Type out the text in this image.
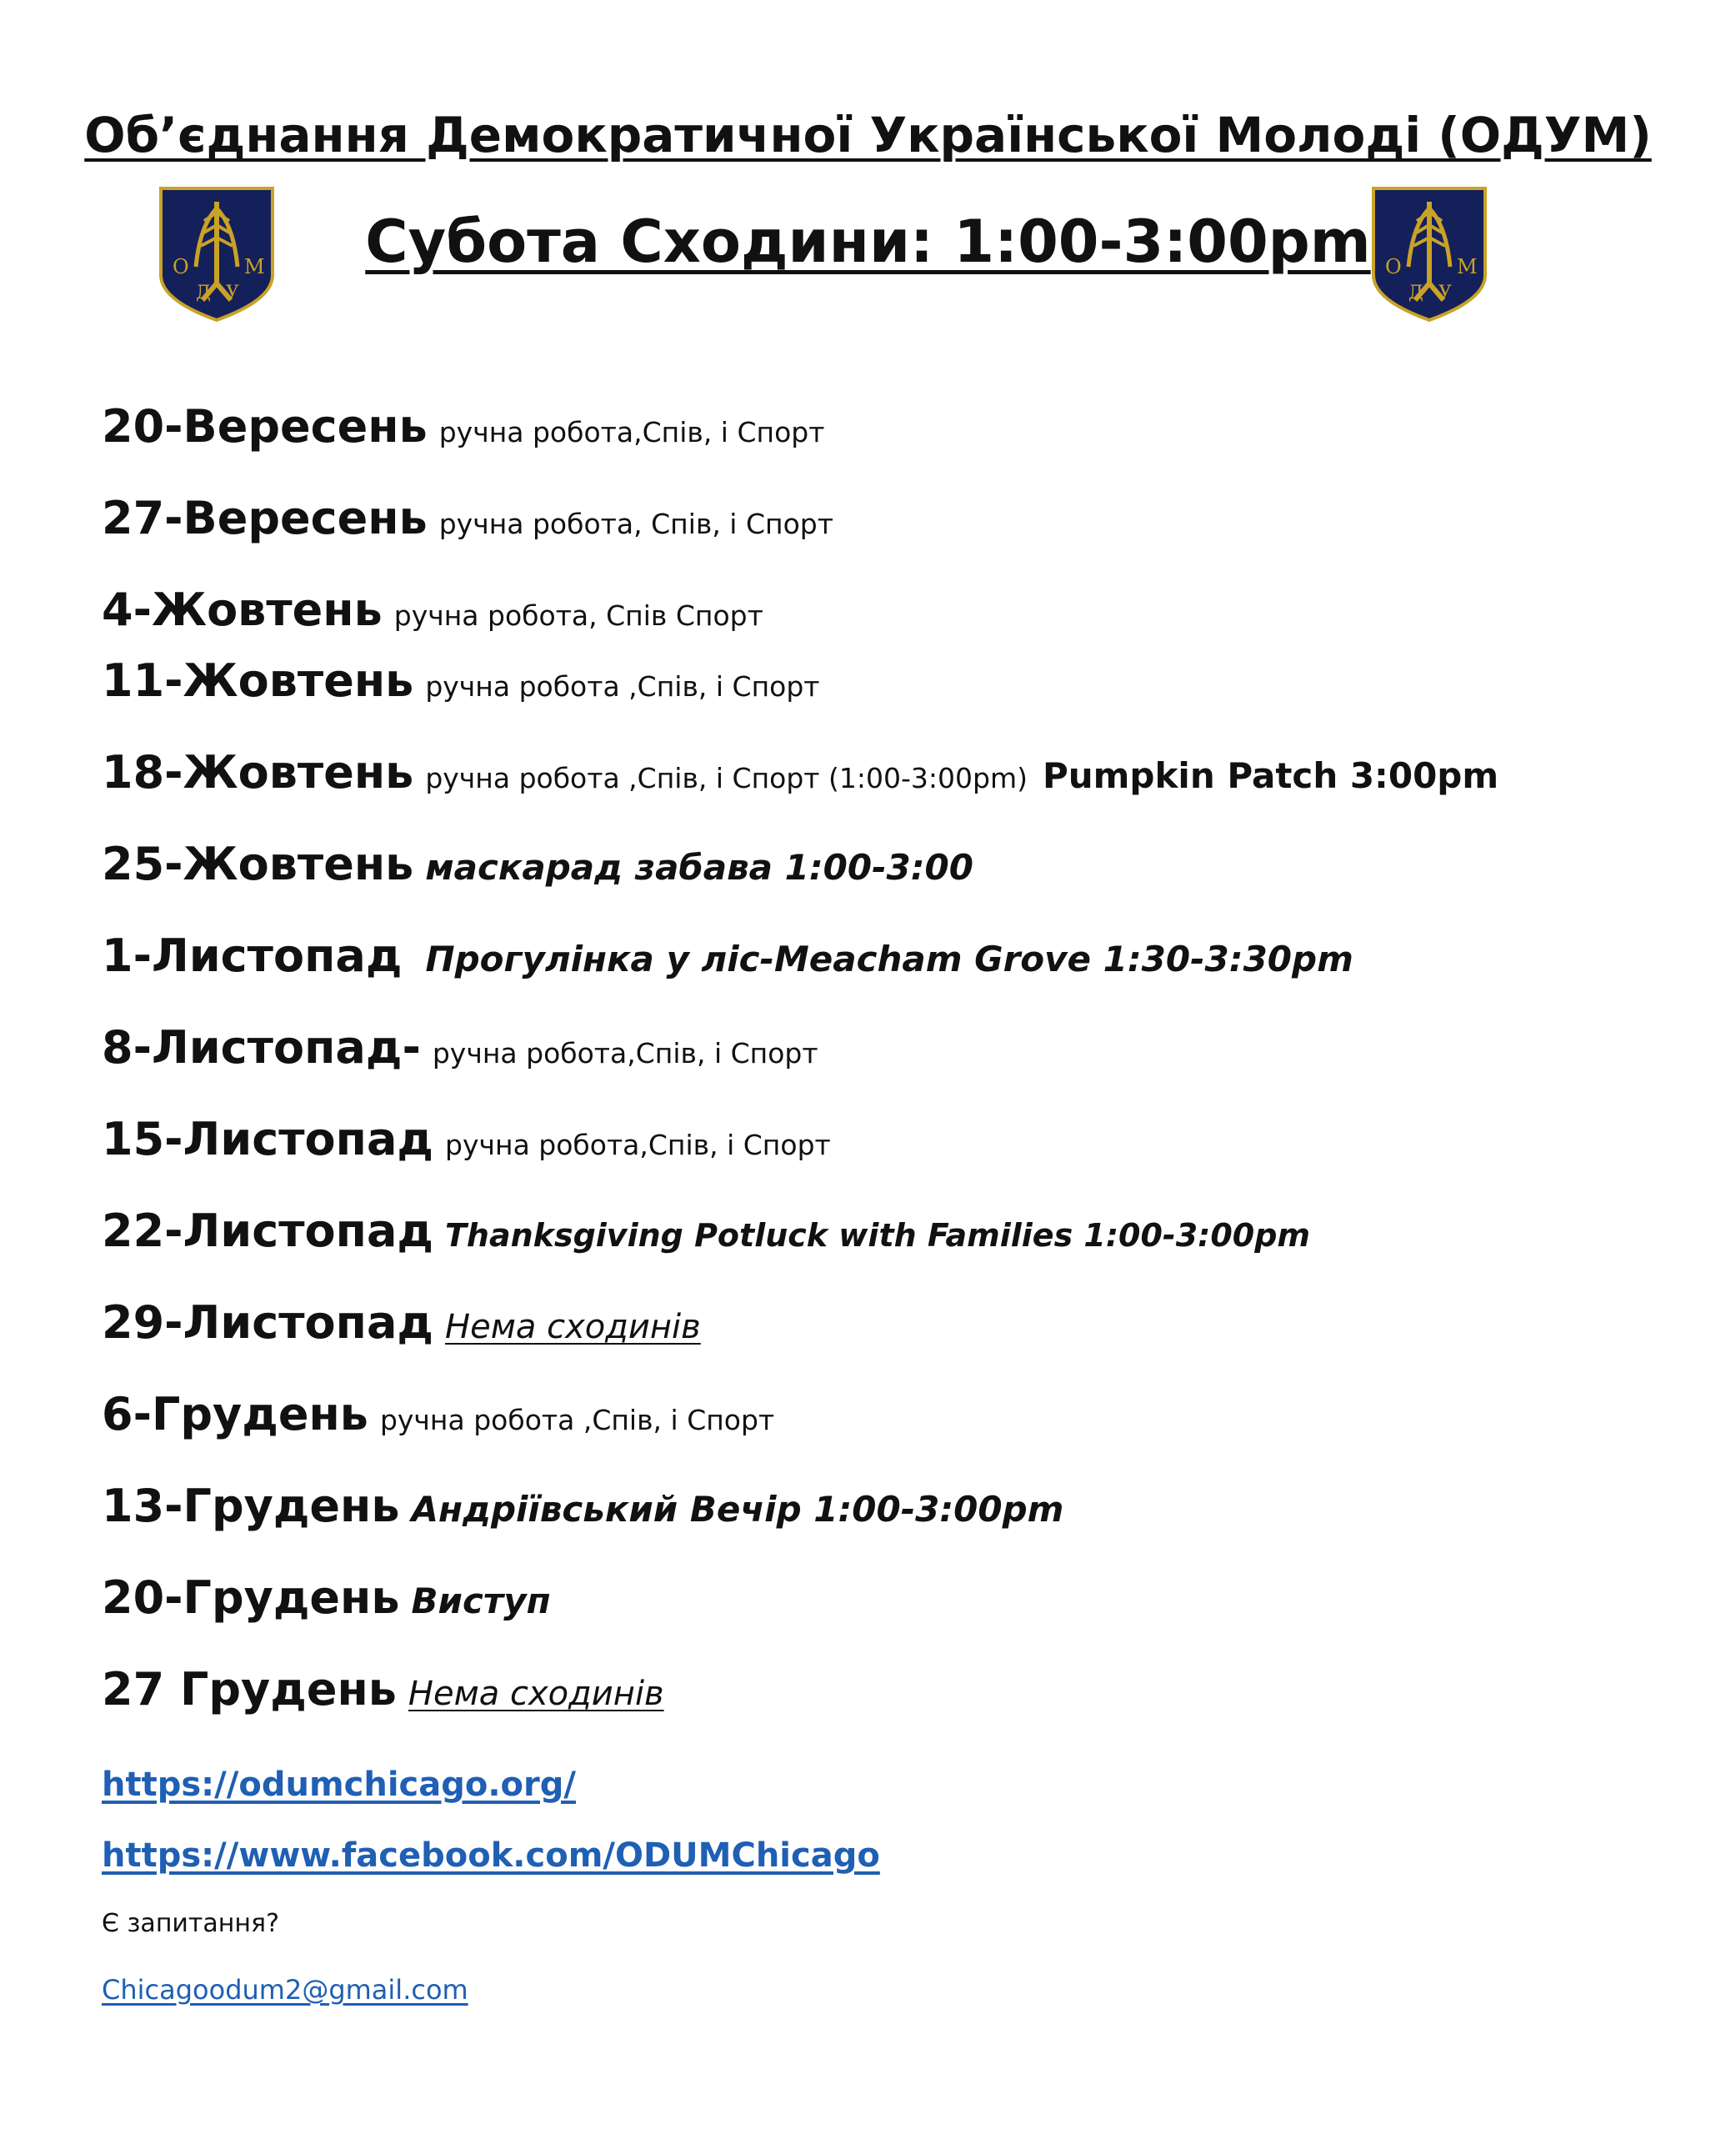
Об’єднання Демократичної Української Молоді (ОДУМ)
Субота Сходини: 1:00-3:00pm
О
Д У
М	О
Д У
М
20-Вересень ручна робота,Спів, і Спорт
27-Вересень ручна робота, Спів, і Спорт
4-Жовтень ручна робота, Спів Спорт
11-Жовтень ручна робота ,Спів, і Спорт
18-Жовтень ручна робота ,Спів, і Спорт (1:00-3:00pm) Pumpkin Patch 3:00pm
25-Жовтень маскарад забава 1:00-3:00
1-Листопад Прогулінка у ліс-Meacham Grove 1:30-3:30pm
8-Листопад- ручна робота,Спів, і Спорт
15-Листопад ручна робота,Спів, і Спорт
22-Листопад Thanksgiving Potluck with Families 1:00-3:00pm
29-Листопад Нема сходинів
6-Грудень ручна робота ,Спів, і Спорт
13-Грудень Андріївський Вечір 1:00-3:00pm
20-Грудень Виступ
27 Грудень Нема сходинів
https://odumchicago.org/
https://www.facebook.com/ODUMChicago
Є запитання?
Chicagoodum2@gmail.com
